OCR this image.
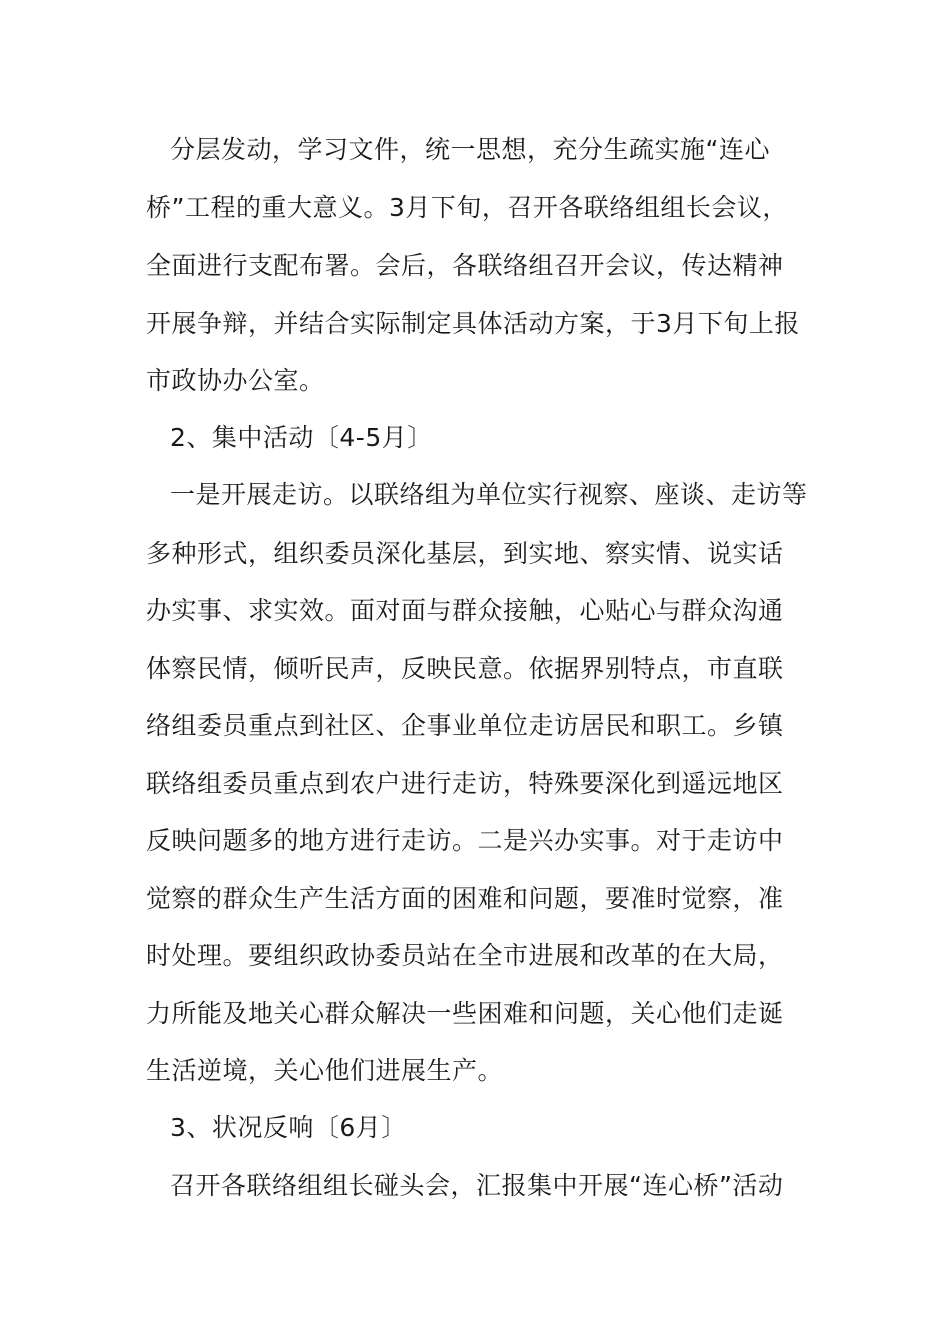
分层发动，学习文件，统一思想，充分生疏实施“连心
桥”工程的重大意义。3月下旬，召开各联络组组长会议，
全面进行支配布署。会后，各联络组召开会议，传达精神
开展争辩，并结合实际制定具体活动方案，于3月下旬上报
市政协办公室。
2、集中活动〔4-5月〕
一是开展走访。以联络组为单位实行视察、座谈、走访等
多种形式，组织委员深化基层，到实地、察实情、说实话
办实事、求实效。面对面与群众接触，心贴心与群众沟通
体察民情，倾听民声，反映民意。依据界别特点，市直联
络组委员重点到社区、企事业单位走访居民和职工。乡镇
联络组委员重点到农户进行走访，特殊要深化到遥远地区
反映问题多的地方进行走访。二是兴办实事。对于走访中
觉察的群众生产生活方面的困难和问题，要准时觉察，准
时处理。要组织政协委员站在全市进展和改革的在大局，
力所能及地关心群众解决一些困难和问题，关心他们走诞
生活逆境，关心他们进展生产。
3、状况反响〔6月〕
召开各联络组组长碰头会，汇报集中开展“连心桥”活动
